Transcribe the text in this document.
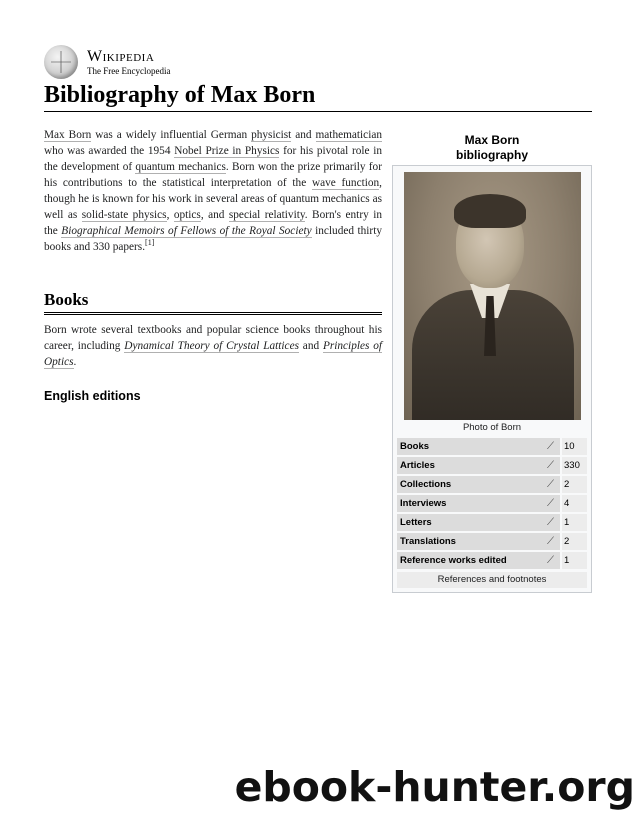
Wikipedia
The Free Encyclopedia
Bibliography of Max Born

Max Born was a widely influential German physicist and mathematician who was awarded the 1954 Nobel Prize in Physics for his pivotal role in the development of quantum mechanics. Born won the prize primarily for his contributions to the statistical interpretation of the wave function, though he is known for his work in several areas of quantum mechanics as well as solid-state physics, optics, and special relativity. Born's entry in the Biographical Memoirs of Fellows of the Royal Society included thirty books and 330 papers.[1]

Books

Born wrote several textbooks and popular science books throughout his career, including Dynamical Theory of Crystal Lattices and Principles of Optics.

English editions
Max Born
bibliography
Photo of Born
Books	⟋	10
Articles	⟋	330
Collections	⟋	2
Interviews	⟋	4
Letters	⟋	1
Translations	⟋	2
Reference works edited	⟋	1
References and footnotes
ebook-hunter.org
